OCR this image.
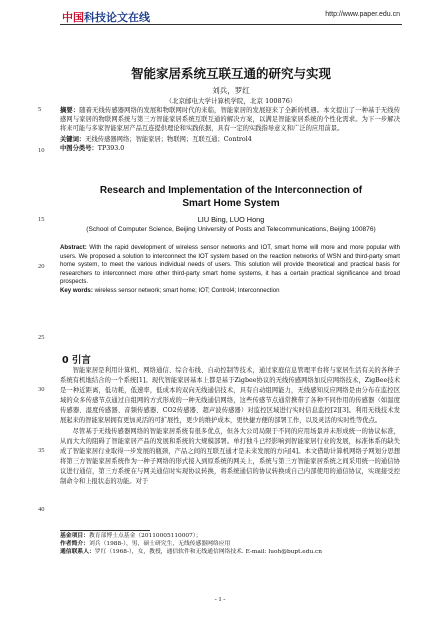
中国科技论文在线	http://www.paper.edu.cn
智能家居系统互联互通的研究与实现
刘兵，罗红
（北京邮电大学计算机学院，北京 100876）
5
10
15
20
25
30
35
40
摘要：随着无线传感器网络的发展和物联网时代的来临，智能家居的发展迎来了全新的机遇。本文提出了一种基于无线传感网与家居的物联网系统与第三方智能家居系统互联互通的解决方案，以满足智能家居系统的个性化需求。为下一步解决将来可能与多家智能家居产品互连提供理论和实践依据，具有一定的实践指导意义和广泛的应用前景。
关键词：无线传感器网络；智能家居；物联网；互联互通；Control4
中图分类号：TP393.0
Research and Implementation of the Interconnection of
Smart Home System
LIU Bing, LUO Hong
(School of Computer Science, Beijing University of Posts and Telecommunications, Beijing 100876)
Abstract: With the rapid development of wireless sensor networks and IOT, smart home will more and more popular with users. We proposed a solution to interconnect the IOT system based on the reaction networks of WSN and third-party smart home system, to meet the various individual needs of users. This solution will provide theoretical and practical basis for researchers to interconnect more other third-party smart home systems, it has a certain practical significance and broad prospects.
Key words: wireless sensor network; smart home; IOT; Control4; Interconnection
0 引言

智能家居是利用计算机、网络通信、综合布线、自动控制等技术，通过家庭信息管理平台将与家居生活有关的各种子系统有机地结合的一个系统[1]。现代智能家居基本上都是基于Zigbee协议的无线传感网络加反应网络技术，ZigBee技术是一种近距离，低功耗，低速率，低成本的双向无线通信技术，具有自动组网能力，无线感知反应网络是由分布在监控区域的众多传感节点通过自组网的方式形成的一种无线通信网络，这些传感节点通常携带了各种不同作用的传感器（如温度传感器、湿度传感器、音频传感器、CO2传感器、超声波传感器）对监控区域进行实时信息监控[2][3]。利用无线技术发展起来的智能家居拥有更加灵活的可扩展性，更少的维护成本，更快捷方便的部署工作，以及灵活的实时性等优点。

尽管基于无线传感器网络的智能家居系统有很多优点，但各大公司局限于不同的应用场景并未形成统一的协议标准，从而大大的阻碍了智能家居产品的发展和系统的大规模部署。单打独斗已经影响到智能家居行业的发展，标准体系的缺失成了智能家居行业取得一步发展的瓶颈，产品之间的互联互通才是未来发展的方向[4]。本文借助计算机网络子网划分思想将第三方智能家居系统作为一种子网络的形式接入到原系统的网关上，系统与第三方智能家居系统之间采用统一的通信协议进行通信，第三方系统在与网关通信时实现协议转换，将系统通信的协议转换成自己内部使用的通信协议，实现接受控制命令和上报状态的功能。对于

基金项目：教育部博士点基金（20110005110007）；
作者简介：刘兵（1988-），男，硕士研究生，无线传感器网络应用
通信联系人：罗红（1968-），女，教授，通信软件和无线通信网络技术. E-mail: luoh@bupt.edu.cn
- 1 -
